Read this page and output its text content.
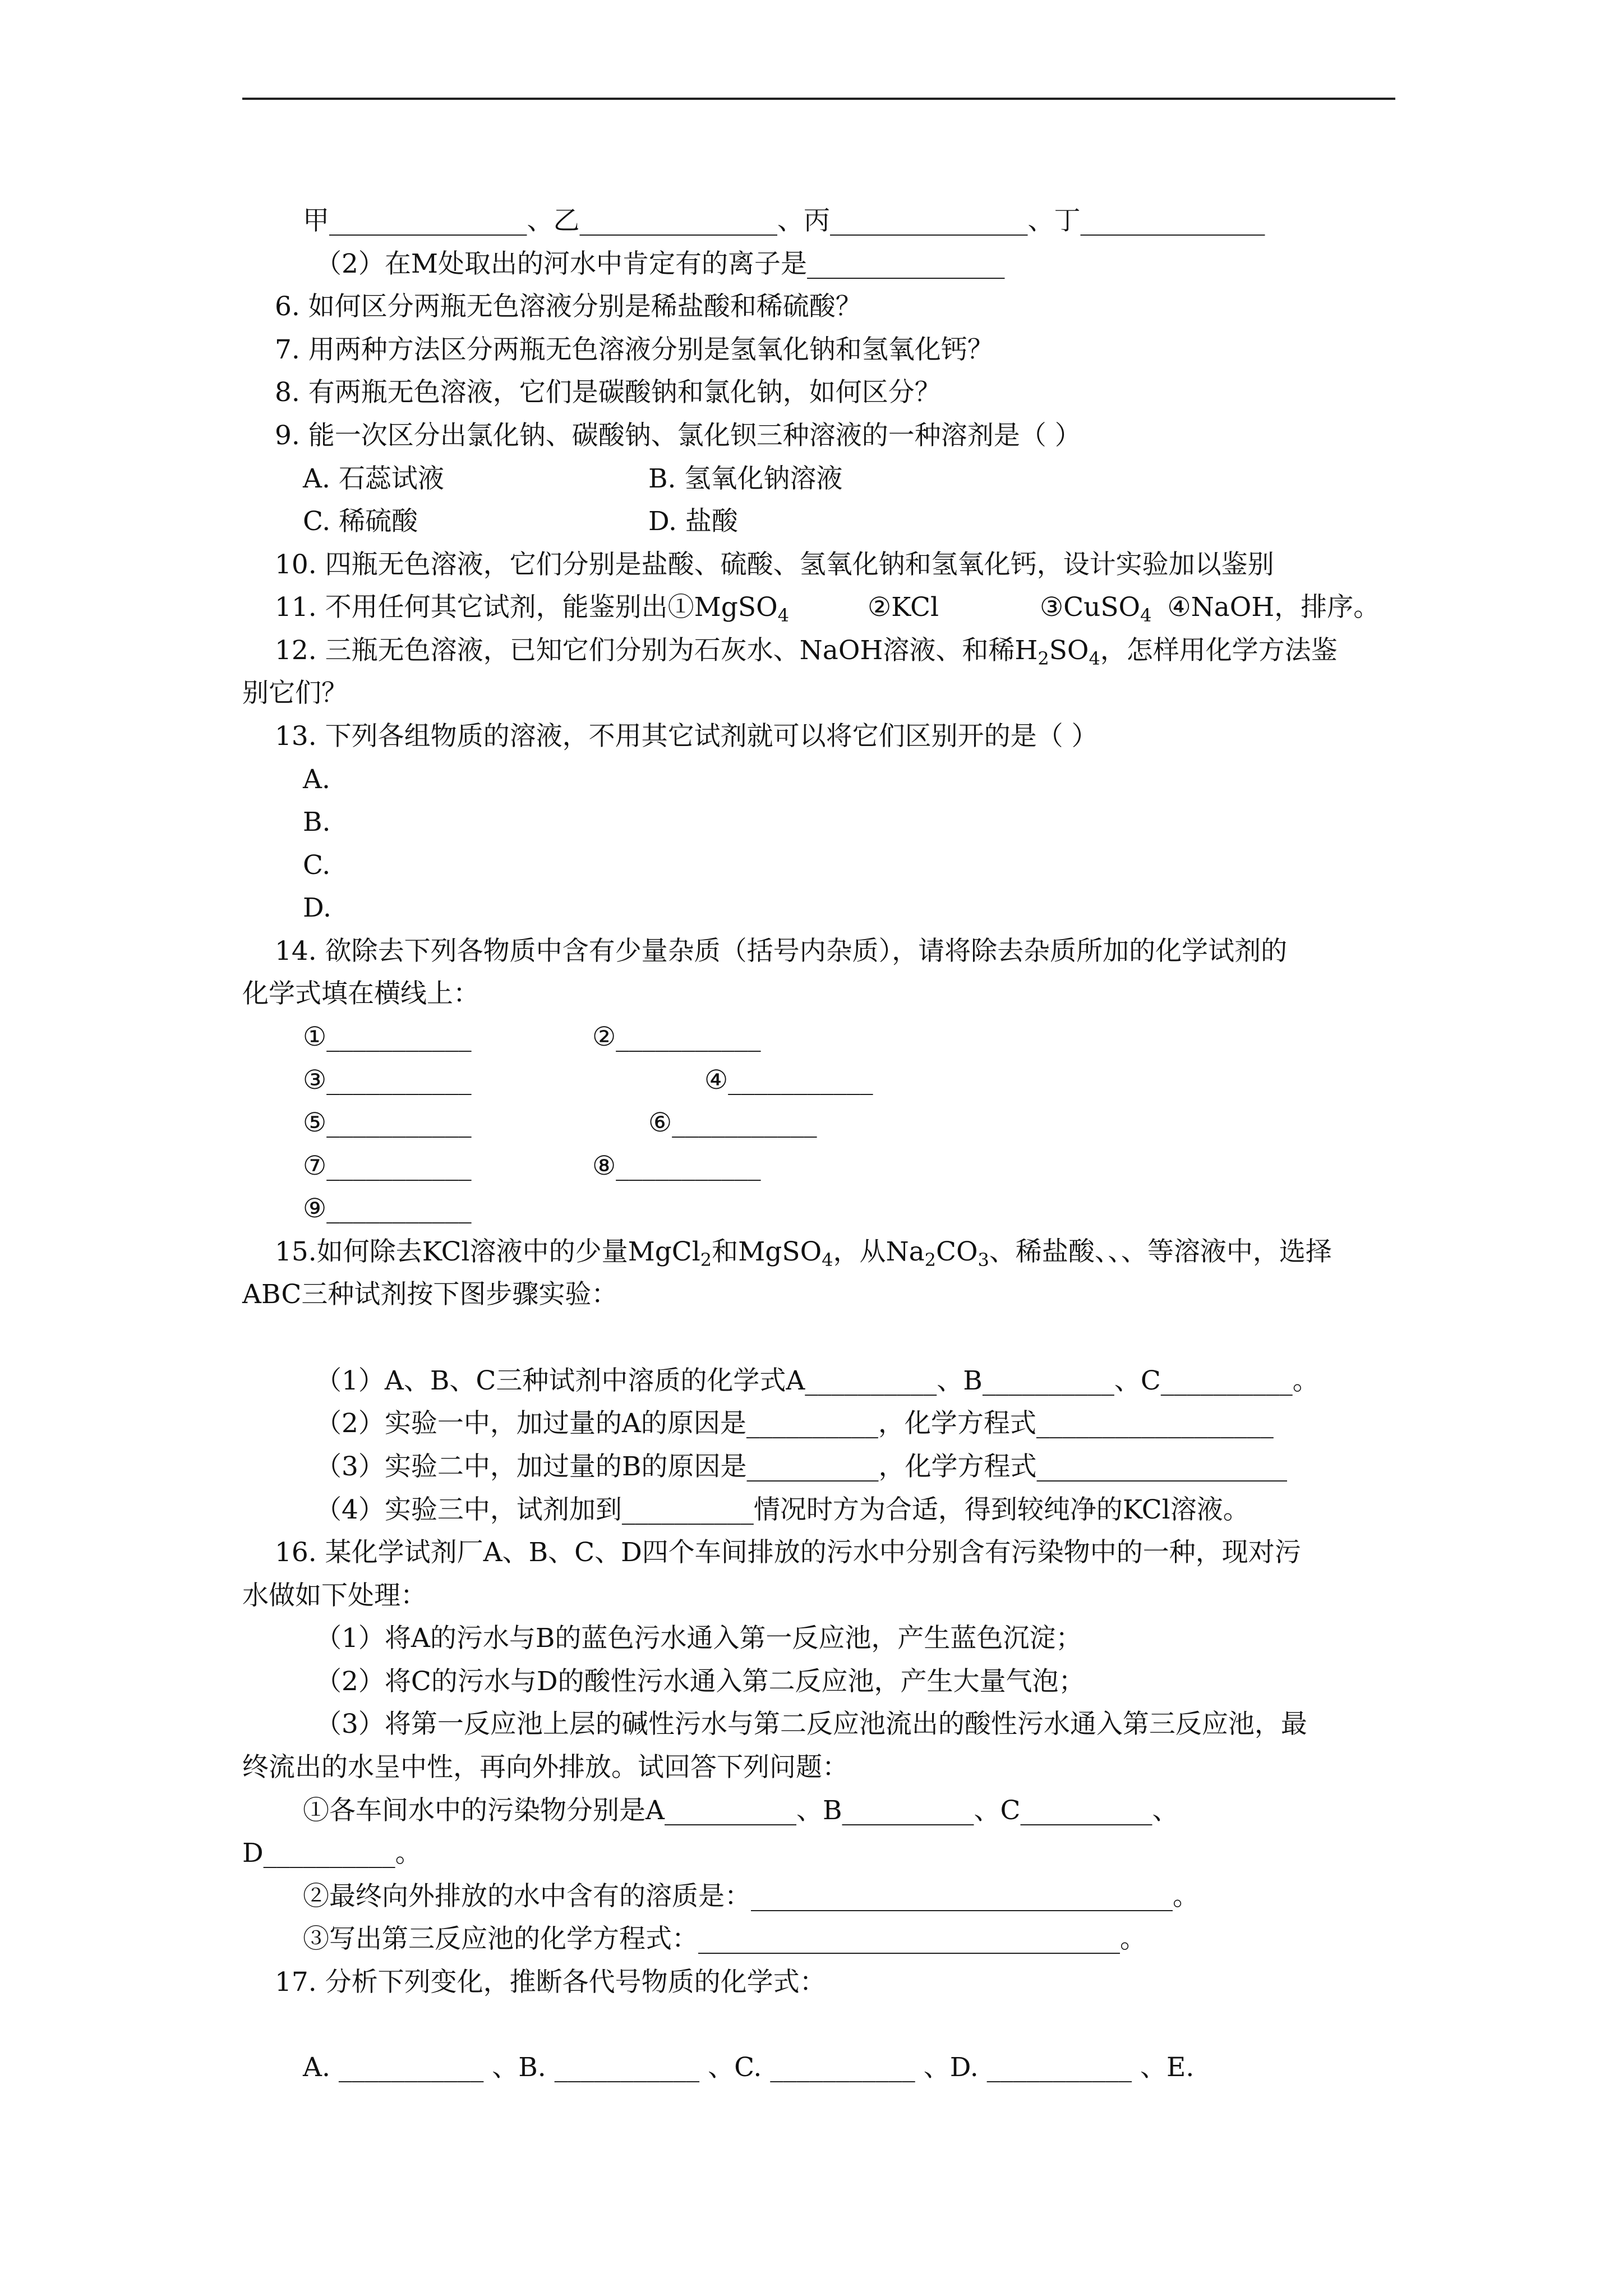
甲_______________、乙_______________、丙_______________、丁______________
（2）在M处取出的河水中肯定有的离子是_______________
6. 如何区分两瓶无色溶液分别是稀盐酸和稀硫酸？
7. 用两种方法区分两瓶无色溶液分别是氢氧化钠和氢氧化钙？
8. 有两瓶无色溶液，它们是碳酸钠和氯化钠，如何区分？
9. 能一次区分出氯化钠、碳酸钠、氯化钡三种溶液的一种溶剂是（ ）
A. 石蕊试液	B. 氢氧化钠溶液
C. 稀硫酸	D. 盐酸
10. 四瓶无色溶液，它们分别是盐酸、硫酸、氢氧化钠和氢氧化钙，设计实验加以鉴别
11. 不用任何其它试剂，能鉴别出①MgSO$_4$	②KCl	③CuSO$_4$ ④NaOH，排序。
12. 三瓶无色溶液，已知它们分别为石灰水、NaOH溶液、和稀$H_2SO_4$，怎样用化学方法鉴
别它们？
13. 下列各组物质的溶液，不用其它试剂就可以将它们区别开的是（ ）
A.
B.
C.
D.
14. 欲除去下列各物质中含有少量杂质（括号内杂质），请将除去杂质所加的化学试剂的
化学式填在横线上：
①___________	②___________
③___________	④___________
⑤___________	⑥___________
⑦___________	⑧___________
⑨___________
15.如何除去KCl溶液中的少量MgCl$_2$和MgSO$_4$，从$Na_2CO_3$、稀盐酸、、、等溶液中，选择
ABC三种试剂按下图步骤实验：
（1）A、B、C三种试剂中溶质的化学式A__________、B__________、C__________。
（2）实验一中，加过量的A的原因是__________，化学方程式__________________
（3）实验二中，加过量的B的原因是__________，化学方程式___________________
（4）实验三中，试剂加到__________情况时方为合适，得到较纯净的KCl溶液。
16. 某化学试剂厂A、B、C、D四个车间排放的污水中分别含有污染物中的一种，现对污
水做如下处理：
（1）将A的污水与B的蓝色污水通入第一反应池，产生蓝色沉淀；
（2）将C的污水与D的酸性污水通入第二反应池，产生大量气泡；
（3）将第一反应池上层的碱性污水与第二反应池流出的酸性污水通入第三反应池，最
终流出的水呈中性，再向外排放。试回答下列问题：
①各车间水中的污染物分别是A__________、B__________、C__________、
D__________。
②最终向外排放的水中含有的溶质是：________________________________。
③写出第三反应池的化学方程式：________________________________。
17. 分析下列变化，推断各代号物质的化学式：
A. ___________ 、B. ___________ 、C. ___________ 、D. ___________ 、E.
